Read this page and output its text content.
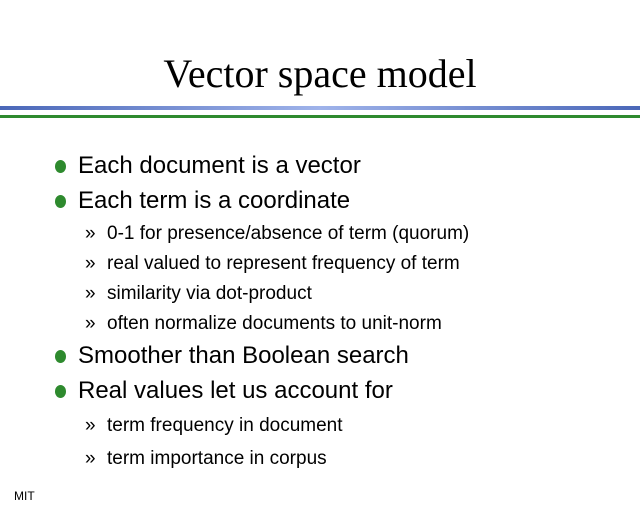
Vector space model
Each document is a vector
Each term is a coordinate
» 0-1 for presence/absence of term (quorum)
» real valued to represent frequency of term
» similarity via dot-product
» often normalize documents to unit-norm
Smoother than Boolean search
Real values let us account for
» term frequency in document
» term importance in corpus
MIT
